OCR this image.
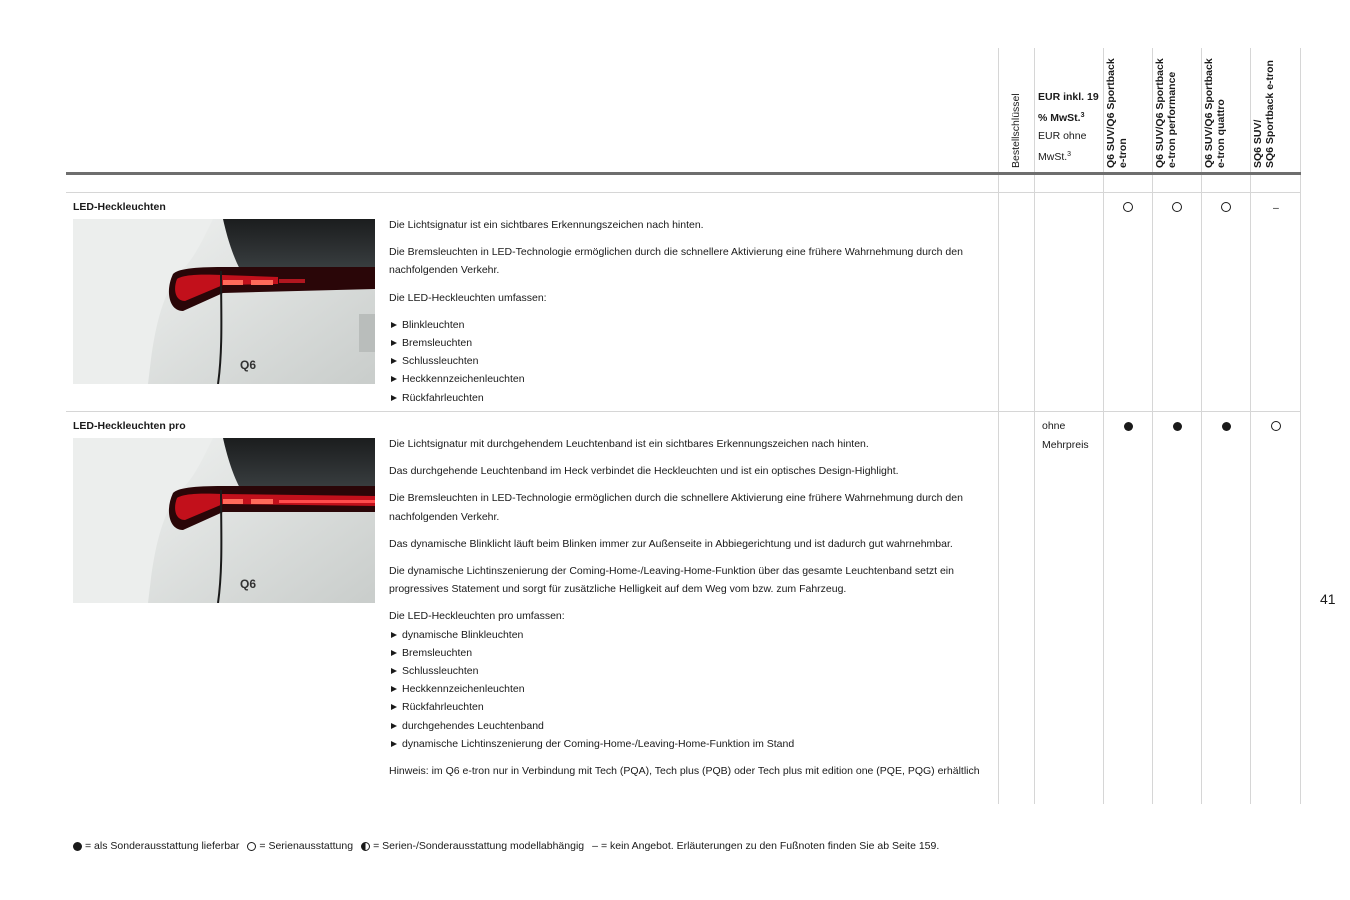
Bestellschlüssel EUR inkl. 19 % MwSt.$^3$
EUR ohne MwSt.$^3$	Q6 SUV/Q6 Sportback e-tron Q6 SUV/Q6 Sportback e-tron performance Q6 SUV/Q6 Sportback e-tron quattro SQ6 SUV/ SQ6 Sportback e-tron
LED-Heckleuchten
Q6

Die Lichtsignatur ist ein sichtbares Erkennungszeichen nach hinten.

Die Bremsleuchten in LED-Technologie ermöglichen durch die schnellere Aktivierung eine frühere Wahrnehmung durch den nachfolgenden Verkehr.

Die LED-Heckleuchten umfassen:

Blinkleuchten
Bremsleuchten
Schlussleuchten
Heckkennzeichenleuchten
Rückfahrleuchten
–
LED-Heckleuchten pro
Q6

Die Lichtsignatur mit durchgehendem Leuchtenband ist ein sichtbares Erkennungszeichen nach hinten.

Das durchgehende Leuchtenband im Heck verbindet die Heckleuchten und ist ein optisches Design-Highlight.

Die Bremsleuchten in LED-Technologie ermöglichen durch die schnellere Aktivierung eine frühere Wahrnehmung durch den nachfolgenden Verkehr.

Das dynamische Blinklicht läuft beim Blinken immer zur Außenseite in Abbiegerichtung und ist dadurch gut wahrnehmbar.

Die dynamische Lichtinszenierung der Coming-Home-/Leaving-Home-Funktion über das gesamte Leuchtenband setzt ein progressives Statement und sorgt für zusätzliche Helligkeit auf dem Weg vom bzw. zum Fahrzeug.

Die LED-Heckleuchten pro umfassen:

dynamische Blinkleuchten
Bremsleuchten
Schlussleuchten
Heckkennzeichenleuchten
Rückfahrleuchten
durchgehendes Leuchtenband
dynamische Lichtinszenierung der Coming-Home-/Leaving-Home-Funktion im Stand

Hinweis: im Q6 e-tron nur in Verbindung mit Tech (PQA), Tech plus (PQB) oder Tech plus mit edition one (PQE, PQG) erhältlich

ohne Mehrpreis
41
= als Sonderausstattung lieferbar = Serienausstattung = Serien-/Sonderausstattung modellabhängig – = kein Angebot. Erläuterungen zu den Fußnoten finden Sie ab Seite 159.
